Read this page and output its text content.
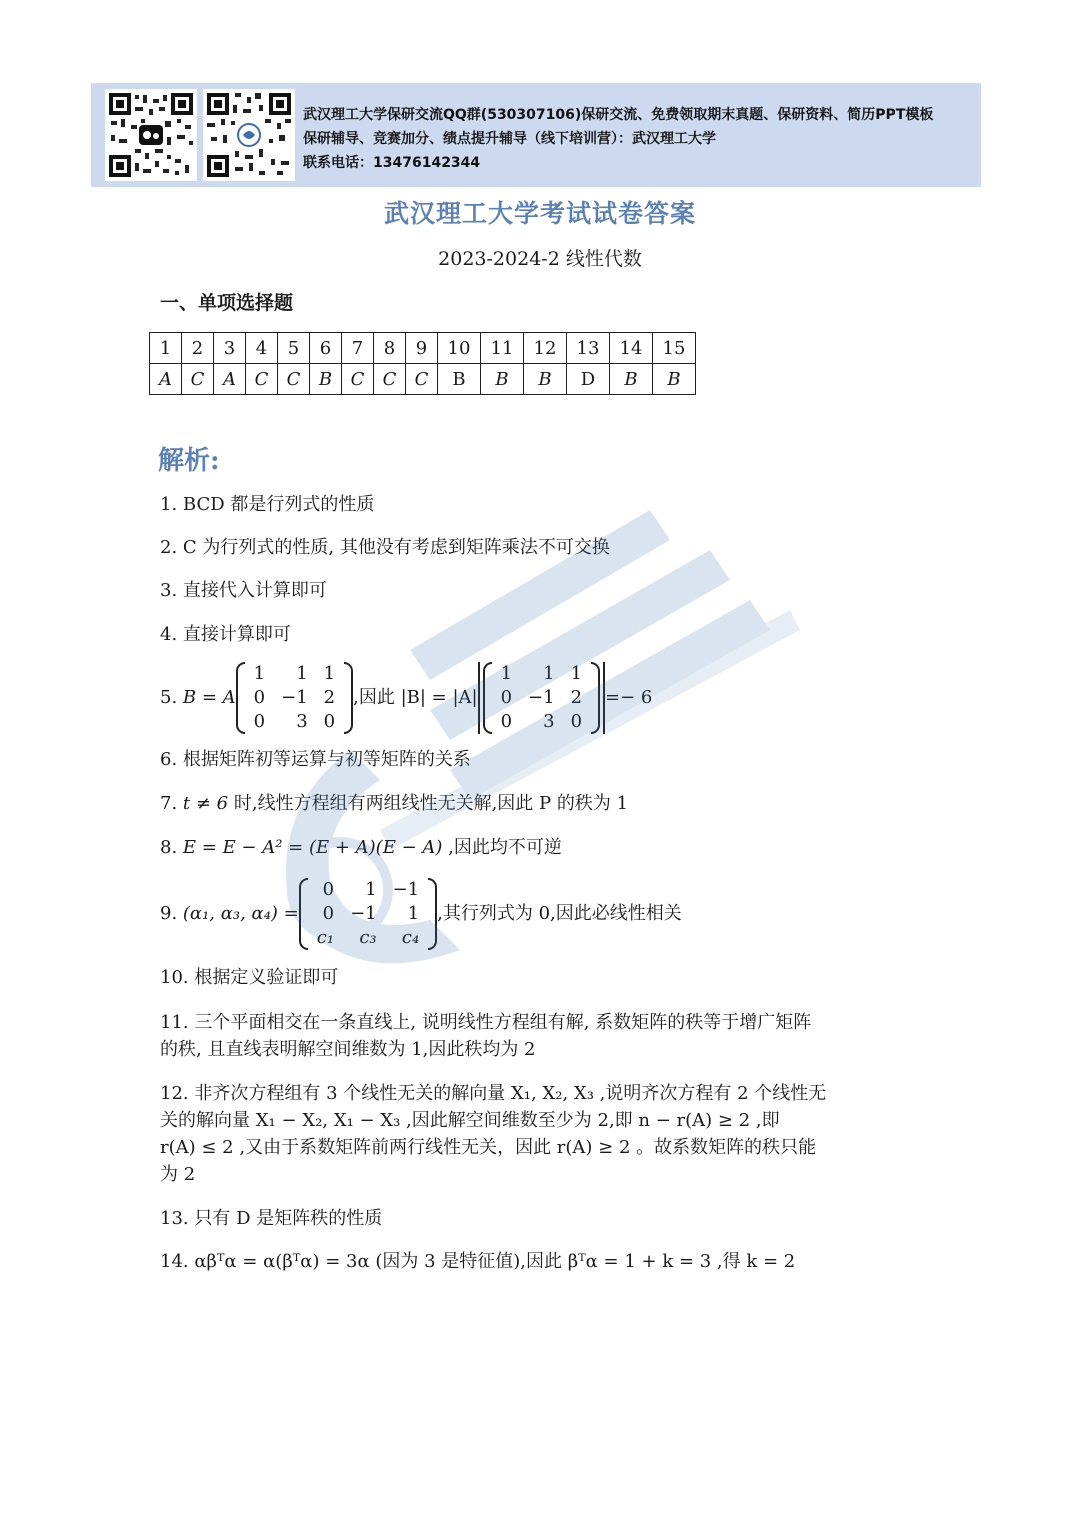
武汉理工大学保研交流QQ群(530307106)保研交流、免费领取期末真题、保研资料、简历PPT模板
保研辅导、竞赛加分、绩点提升辅导（线下培训营）：武汉理工大学
联系电话：13476142344
武汉理工大学考试试卷答案
2023-2024-2 线性代数
一、单项选择题
1	2	3	4	5	6	7	8	9	10	11	12	13	14	15
A	C	A	C	C	B	C	C	C	B	B	B	D	B	B
解析:
1. BCD 都是行列式的性质
2. C 为行列式的性质, 其他没有考虑到矩阵乘法不可交换
3. 直接代入计算即可
4. 直接计算即可
5. B = A
1	1	1
0	−1	2
0	3	0
,因此 |B| = |A|
1	1	1
0	−1	2
0	3	0
=− 6
6. 根据矩阵初等运算与初等矩阵的关系
7. t ≠ 6 时,线性方程组有两组线性无关解,因此 P 的秩为 1
8. E = E − A² = (E + A)(E − A) ,因此均不可逆
9. (α₁, α₃, α₄) =
0	1	−1
0	−1	1
c₁	c₃	c₄
,其行列式为 0,因此必线性相关
10. 根据定义验证即可
11. 三个平面相交在一条直线上, 说明线性方程组有解, 系数矩阵的秩等于增广矩阵
的秩, 且直线表明解空间维数为 1,因此秩均为 2
12. 非齐次方程组有 3 个线性无关的解向量 X₁, X₂, X₃ ,说明齐次方程有 2 个线性无
关的解向量 X₁ − X₂, X₁ − X₃ ,因此解空间维数至少为 2,即 n − r(A) ≥ 2 ,即
r(A) ≤ 2 ,又由于系数矩阵前两行线性无关，因此 r(A) ≥ 2 。故系数矩阵的秩只能
为 2
13. 只有 D 是矩阵秩的性质
14. αβᵀα = α(βᵀα) = 3α (因为 3 是特征值),因此 βᵀα = 1 + k = 3 ,得 k = 2
